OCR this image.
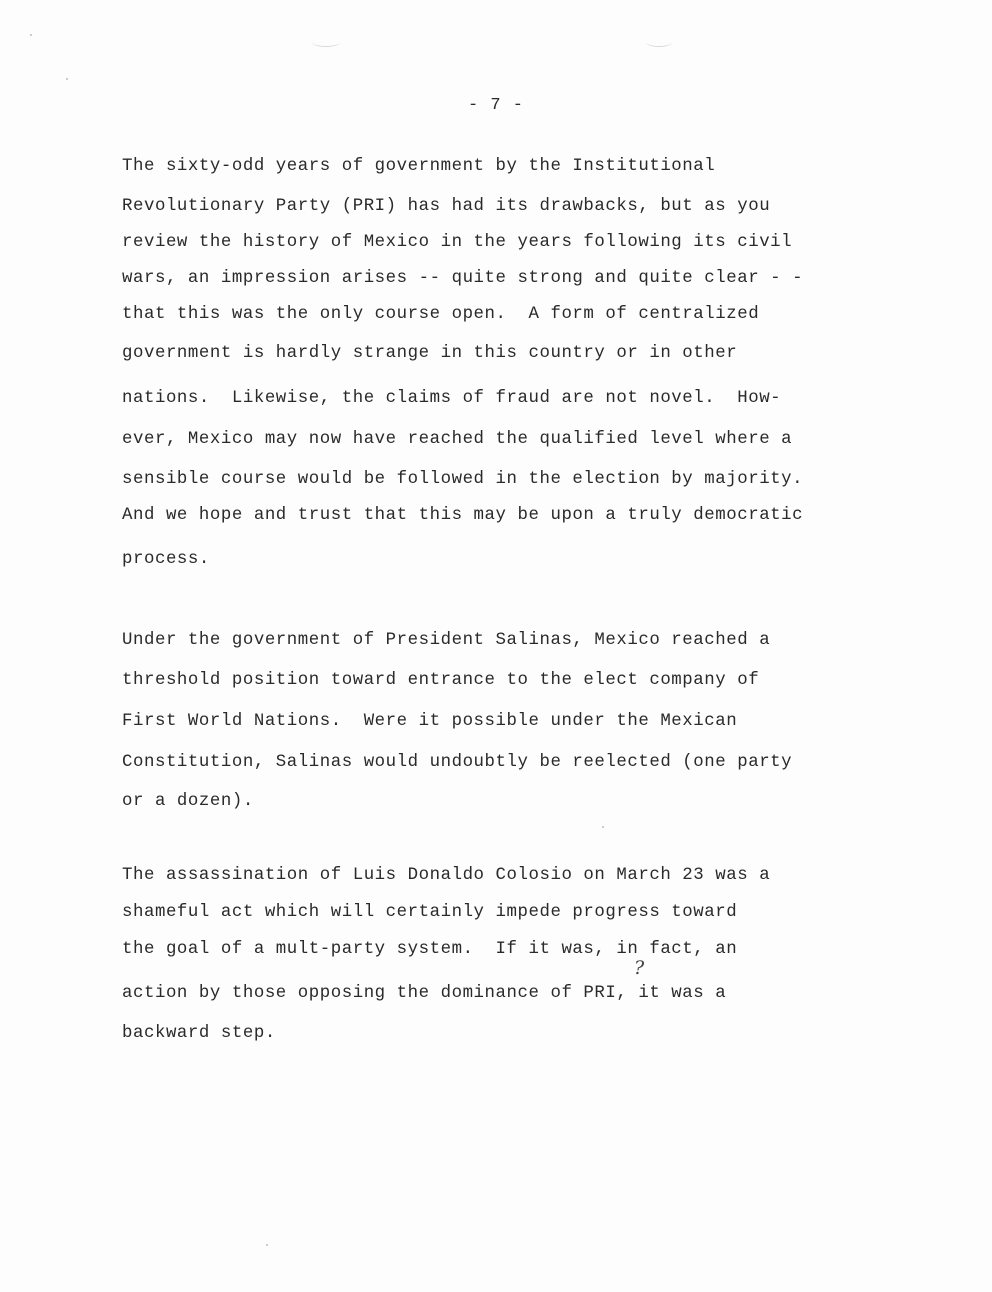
- 7 -
The sixty-odd years of government by the Institutional
Revolutionary Party (PRI) has had its drawbacks, but as you
review the history of Mexico in the years following its civil
wars, an impression arises -- quite strong and quite clear - -
that this was the only course open.  A form of centralized
government is hardly strange in this country or in other
nations.  Likewise, the claims of fraud are not novel.  How-
ever, Mexico may now have reached the qualified level where a
sensible course would be followed in the election by majority.
And we hope and trust that this may be upon a truly democratic
process.
Under the government of President Salinas, Mexico reached a
threshold position toward entrance to the elect company of
First World Nations.  Were it possible under the Mexican
Constitution, Salinas would undoubtly be reelected (one party
or a dozen).
The assassination of Luis Donaldo Colosio on March 23 was a
shameful act which will certainly impede progress toward
the goal of a mult-party system.  If it was, in fact, an
action by those opposing the dominance of PRI, it was a
backward step.
?
